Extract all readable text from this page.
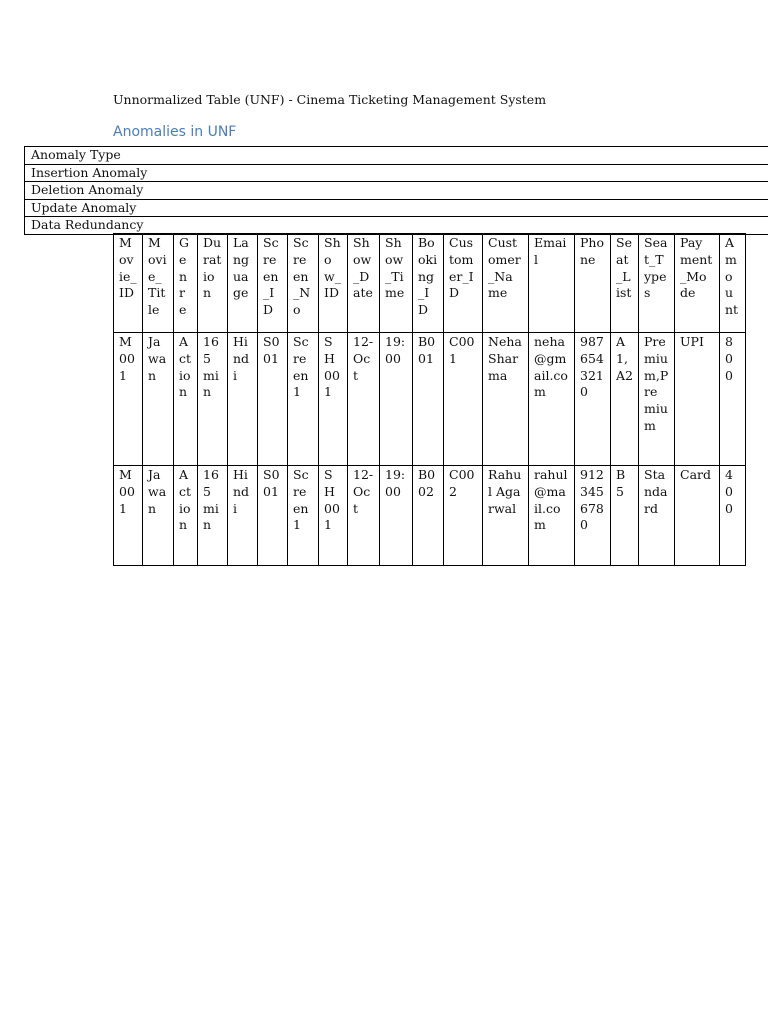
Unnormalized Table (UNF) - Cinema Ticketing Management System
Anomalies in UNF
Anomaly Type
Insertion Anomaly
Deletion Anomaly
Update Anomaly
Data Redundancy
Movie_ID	Movie_Title	Genre	Duration	Language	Screen_ID	Screen_No	Show_ID	Show_Date	Show_Time	Booking_ID	Customer_ID	Customer_Name	Email	Phone	Seat_List	Seat_Types	Payment_Mode	Amount

M001	Jawan	Action	165min	Hindi	S001	Screen1	SH001	12-Oct	19:00	B001	C001	Neha Sharma	neha@gmail.com	9876543210	A1,A2	Premium,Premium	UPI	800

M001	Jawan	Action	165min	Hindi	S001	Screen1	SH001	12-Oct	19:00	B002	C002	Rahul Agarwal	rahul@mail.com	9123456780	B5	Standard	Card	400
